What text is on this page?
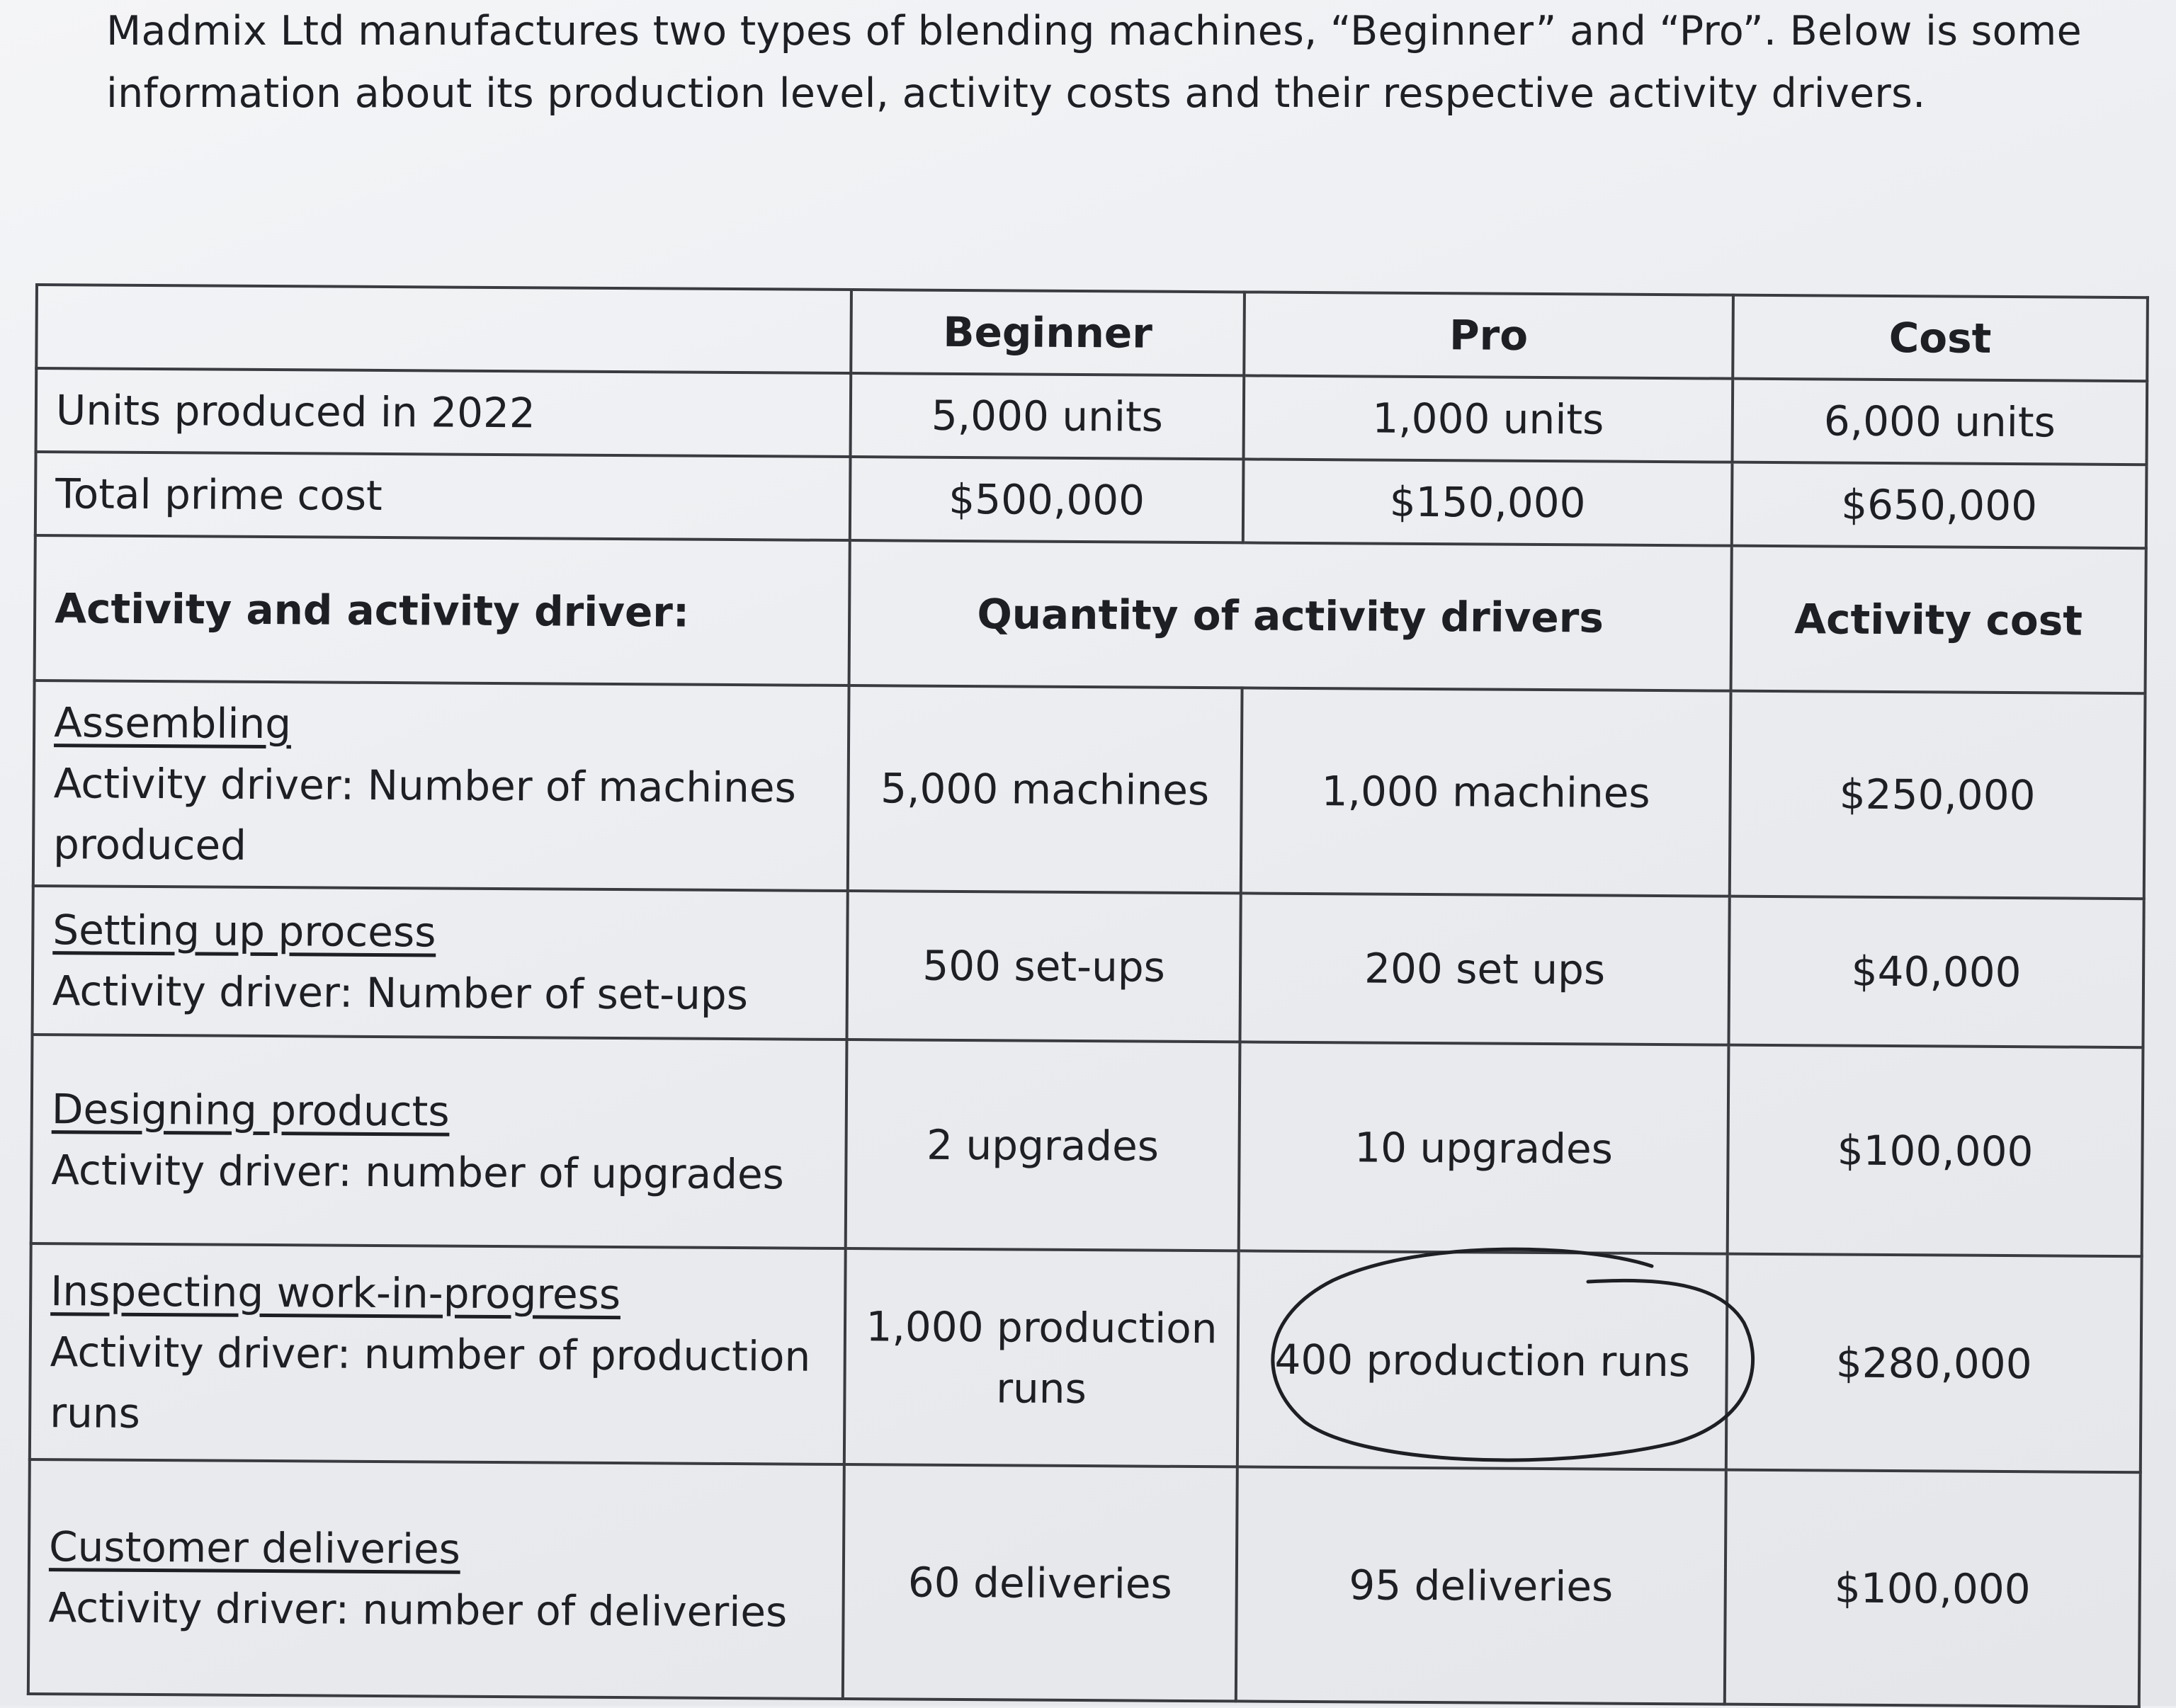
Madmix Ltd manufactures two types of blending machines, “Beginner” and “Pro”. Below is some information about its production level, activity costs and their respective activity drivers.

	Beginner	Pro	Cost
Units produced in 2022	5,000 units	1,000 units	6,000 units
Total prime cost	$500,000	$150,000	$650,000
Activity and activity driver:	Quantity of activity drivers		Activity cost

Assembling
Activity driver: Number of machines produced	5,000 machines	1,000 machines	$250,000

Setting up process
Activity driver: Number of set-ups	500 set-ups	200 set ups	$40,000

Designing products
Activity driver: number of upgrades	2 upgrades	10 upgrades	$100,000

Inspecting work-in-progress
Activity driver: number of production runs	1,000 production runs	400 production runs	$280,000

Customer deliveries
Activity driver: number of deliveries	60 deliveries	95 deliveries	$100,000
